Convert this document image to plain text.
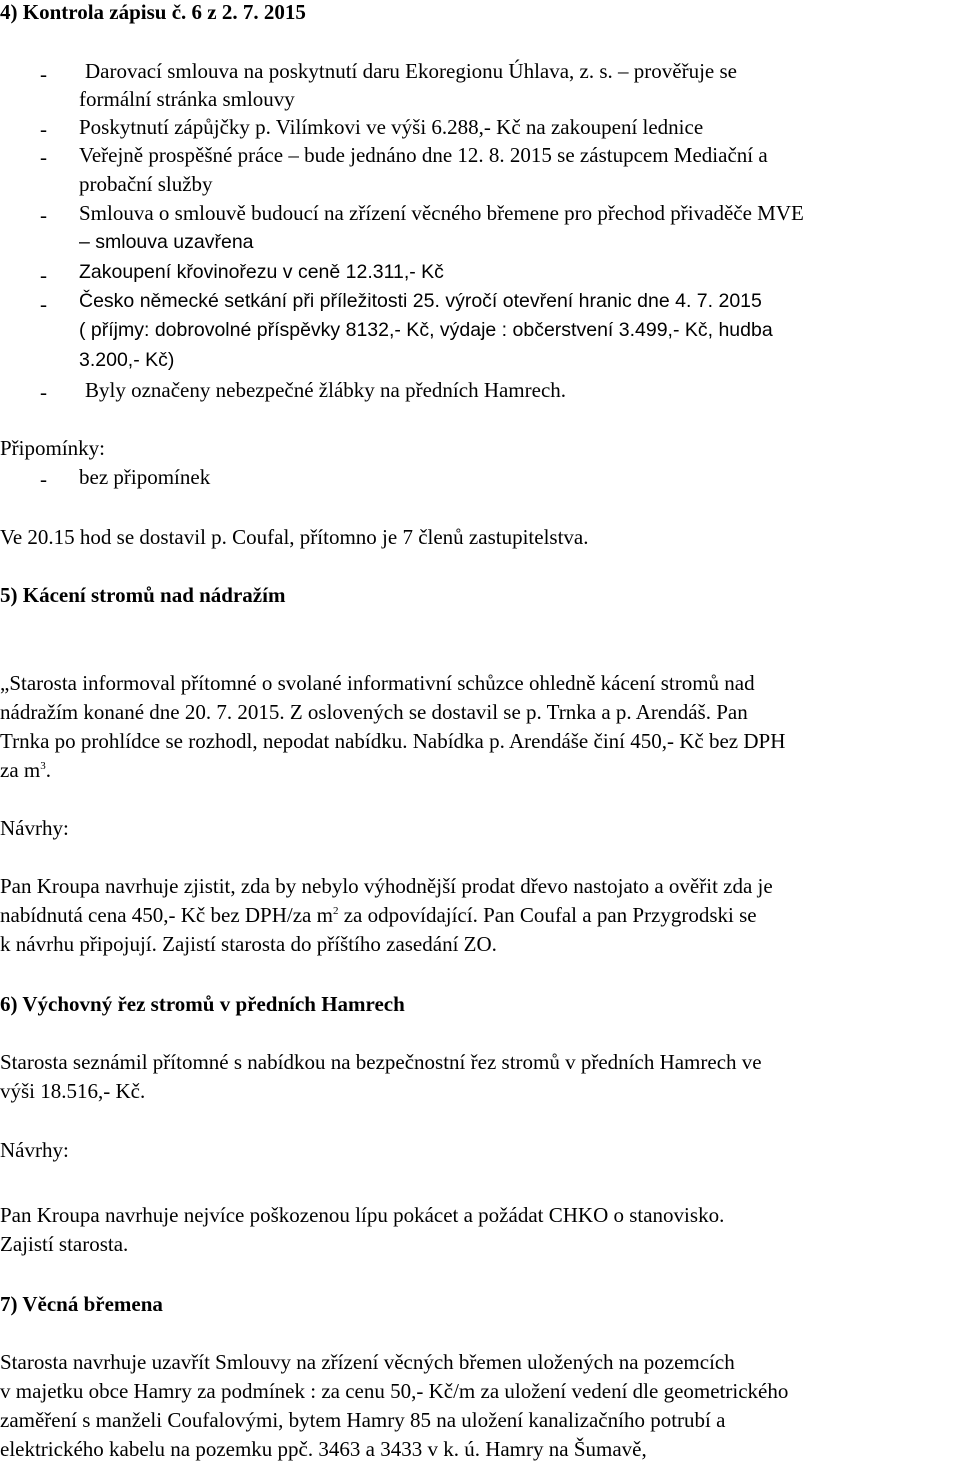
4) Kontrola zápisu č. 6 z 2. 7. 2015
- Darovací smlouva na poskytnutí daru Ekoregionu Úhlava, z. s. – prověřuje se
formální stránka smlouvy
- Poskytnutí zápůjčky p. Vilímkovi ve výši 6.288,- Kč na zakoupení lednice
- Veřejně prospěšné práce – bude jednáno dne 12. 8. 2015 se zástupcem Mediační a
probační služby
- Smlouva o smlouvě budoucí na zřízení věcného břemene pro přechod přivaděče MVE
– smlouva uzavřena
- Zakoupení křovinořezu v ceně 12.311,- Kč
- Česko německé setkání při příležitosti 25. výročí otevření hranic dne 4. 7. 2015
( příjmy: dobrovolné příspěvky 8132,- Kč, výdaje : občerstvení 3.499,- Kč, hudba
3.200,- Kč)
- Byly označeny nebezpečné žlábky na předních Hamrech.
Připomínky:
- bez připomínek
Ve 20.15 hod se dostavil p. Coufal, přítomno je 7 členů zastupitelstva.
5) Kácení stromů nad nádražím
„Starosta informoval přítomné o svolané informativní schůzce ohledně kácení stromů nad
nádražím konané dne 20. 7. 2015. Z oslovených se dostavil se p. Trnka a p. Arendáš. Pan
Trnka po prohlídce se rozhodl, nepodat nabídku. Nabídka p. Arendáše činí 450,- Kč bez DPH
za $m^3$.
Návrhy:
Pan Kroupa navrhuje zjistit, zda by nebylo výhodnější prodat dřevo nastojato a ověřit zda je
nabídnutá cena 450,- Kč bez DPH/za $m^2$ za odpovídající. Pan Coufal a pan Przygrodski se
k návrhu připojují. Zajistí starosta do příštího zasedání ZO.
6) Výchovný řez stromů v předních Hamrech
Starosta seznámil přítomné s nabídkou na bezpečnostní řez stromů v předních Hamrech ve
výši 18.516,- Kč.
Návrhy:
Pan Kroupa navrhuje nejvíce poškozenou lípu pokácet a požádat CHKO o stanovisko.
Zajistí starosta.
7) Věcná břemena
Starosta navrhuje uzavřít Smlouvy na zřízení věcných břemen uložených na pozemcích
v majetku obce Hamry za podmínek : za cenu 50,- Kč/m za uložení vedení dle geometrického
zaměření s manželi Coufalovými, bytem Hamry 85 na uložení kanalizačního potrubí a
elektrického kabelu na pozemku ppč. 3463 a 3433 v k. ú. Hamry na Šumavě,
